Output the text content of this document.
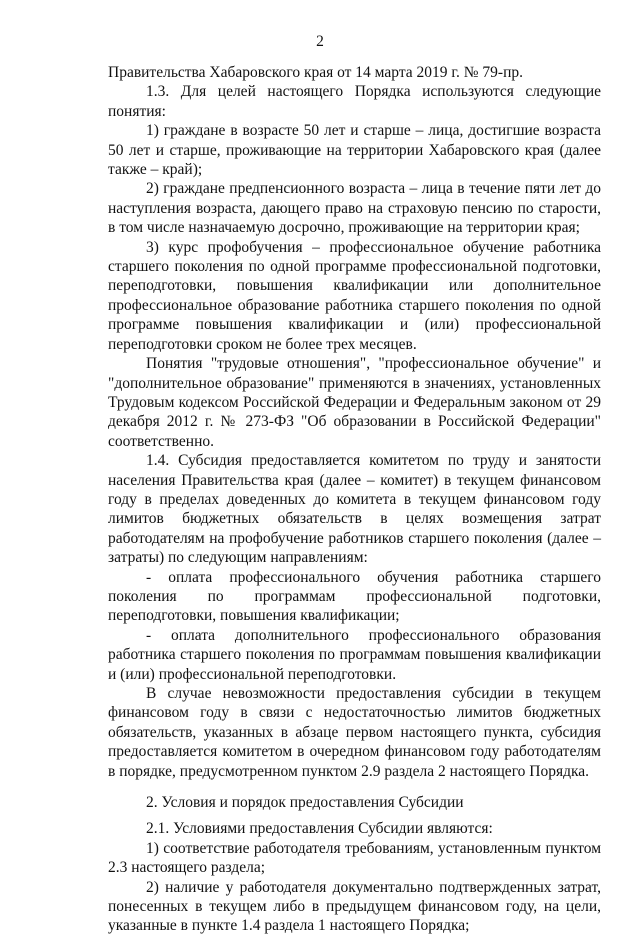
2

Правительства Хабаровского края от 14 марта 2019 г. № 79-пр.

1.3. Для целей настоящего Порядка используются следующие понятия:

1) граждане в возрасте 50 лет и старше – лица, достигшие возраста 50 лет и старше, проживающие на территории Хабаровского края (далее также – край);

2) граждане предпенсионного возраста – лица в течение пяти лет до наступления возраста, дающего право на страховую пенсию по старости, в том числе назначаемую досрочно, проживающие на территории края;

3) курс профобучения – профессиональное обучение работника старшего поколения по одной программе профессиональной подготовки, переподготовки, повышения квалификации или дополнительное профессиональное образование работника старшего поколения по одной программе повышения квалификации и (или) профессиональной переподготовки сроком не более трех месяцев.

Понятия "трудовые отношения", "профессиональное обучение" и "дополнительное образование" применяются в значениях, установленных Трудовым кодексом Российской Федерации и Федеральным законом от 29 декабря 2012 г. № 273-ФЗ "Об образовании в Российской Федерации" соответственно.

1.4. Субсидия предоставляется комитетом по труду и занятости населения Правительства края (далее – комитет) в текущем финансовом году в пределах доведенных до комитета в текущем финансовом году лимитов бюджетных обязательств в целях возмещения затрат работодателям на профобучение работников старшего поколения (далее – затраты) по следующим направлениям:

- оплата профессионального обучения работника старшего поколения по программам профессиональной подготовки, переподготовки, повышения квалификации;

- оплата дополнительного профессионального образования работника старшего поколения по программам повышения квалификации и (или) профессиональной переподготовки.

В случае невозможности предоставления субсидии в текущем финансовом году в связи с недостаточностью лимитов бюджетных обязательств, указанных в абзаце первом настоящего пункта, субсидия предоставляется комитетом в очередном финансовом году работодателям в порядке, предусмотренном пунктом 2.9 раздела 2 настоящего Порядка.

2. Условия и порядок предоставления Субсидии

2.1. Условиями предоставления Субсидии являются:

1) соответствие работодателя требованиям, установленным пунктом 2.3 настоящего раздела;

2) наличие у работодателя документально подтвержденных затрат, понесенных в текущем либо в предыдущем финансовом году, на цели, указанные в пункте 1.4 раздела 1 настоящего Порядка;
